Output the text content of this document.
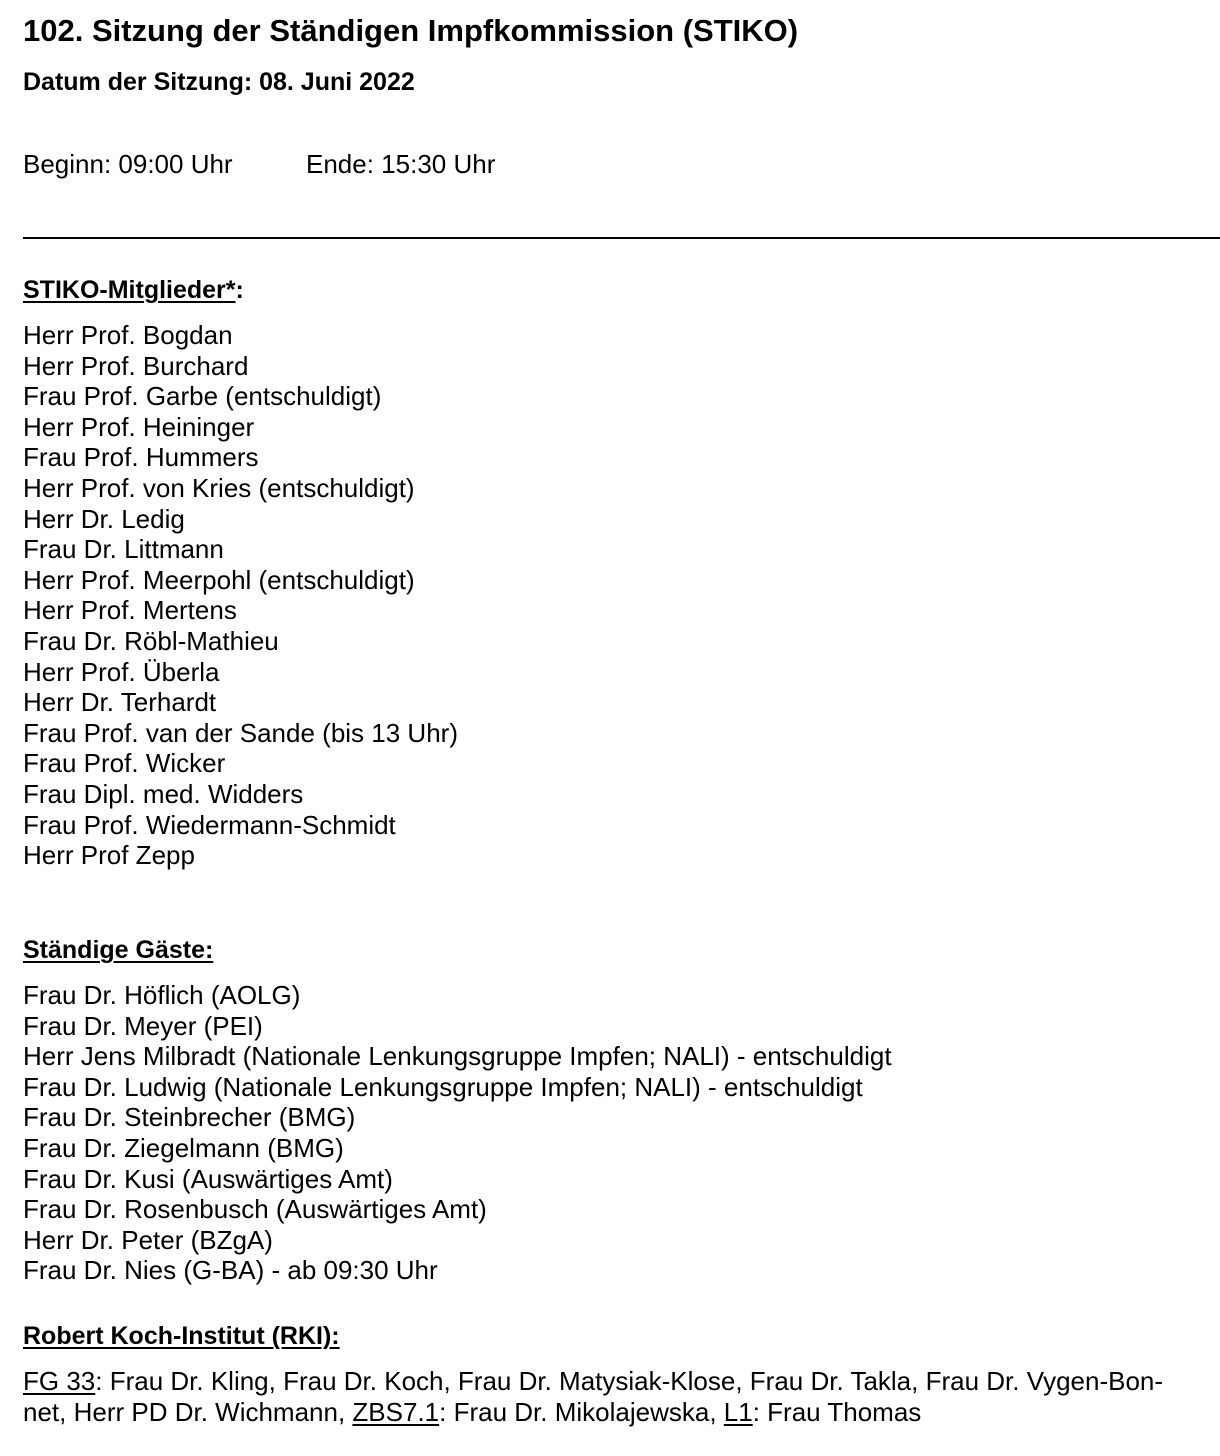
102. Sitzung der Ständigen Impfkommission (STIKO)
Datum der Sitzung: 08. Juni 2022
Beginn: 09:00 Uhr	Ende: 15:30 Uhr
STIKO-Mitglieder*:
Herr Prof. Bogdan
Herr Prof. Burchard
Frau Prof. Garbe (entschuldigt)
Herr Prof. Heininger
Frau Prof. Hummers
Herr Prof. von Kries (entschuldigt)
Herr Dr. Ledig
Frau Dr. Littmann
Herr Prof. Meerpohl (entschuldigt)
Herr Prof. Mertens
Frau Dr. Röbl-Mathieu
Herr Prof. Überla
Herr Dr. Terhardt
Frau Prof. van der Sande (bis 13 Uhr)
Frau Prof. Wicker
Frau Dipl. med. Widders
Frau Prof. Wiedermann-Schmidt
Herr Prof Zepp
Ständige Gäste:
Frau Dr. Höflich (AOLG)
Frau Dr. Meyer (PEI)
Herr Jens Milbradt (Nationale Lenkungsgruppe Impfen; NALI) - entschuldigt
Frau Dr. Ludwig (Nationale Lenkungsgruppe Impfen; NALI) - entschuldigt
Frau Dr. Steinbrecher (BMG)
Frau Dr. Ziegelmann (BMG)
Frau Dr. Kusi (Auswärtiges Amt)
Frau Dr. Rosenbusch (Auswärtiges Amt)
Herr Dr. Peter (BZgA)
Frau Dr. Nies (G-BA) - ab 09:30 Uhr
Robert Koch-Institut (RKI):
FG 33: Frau Dr. Kling, Frau Dr. Koch, Frau Dr. Matysiak-Klose, Frau Dr. Takla, Frau Dr. Vygen-Bon-
net, Herr PD Dr. Wichmann, ZBS7.1: Frau Dr. Mikolajewska, L1: Frau Thomas
